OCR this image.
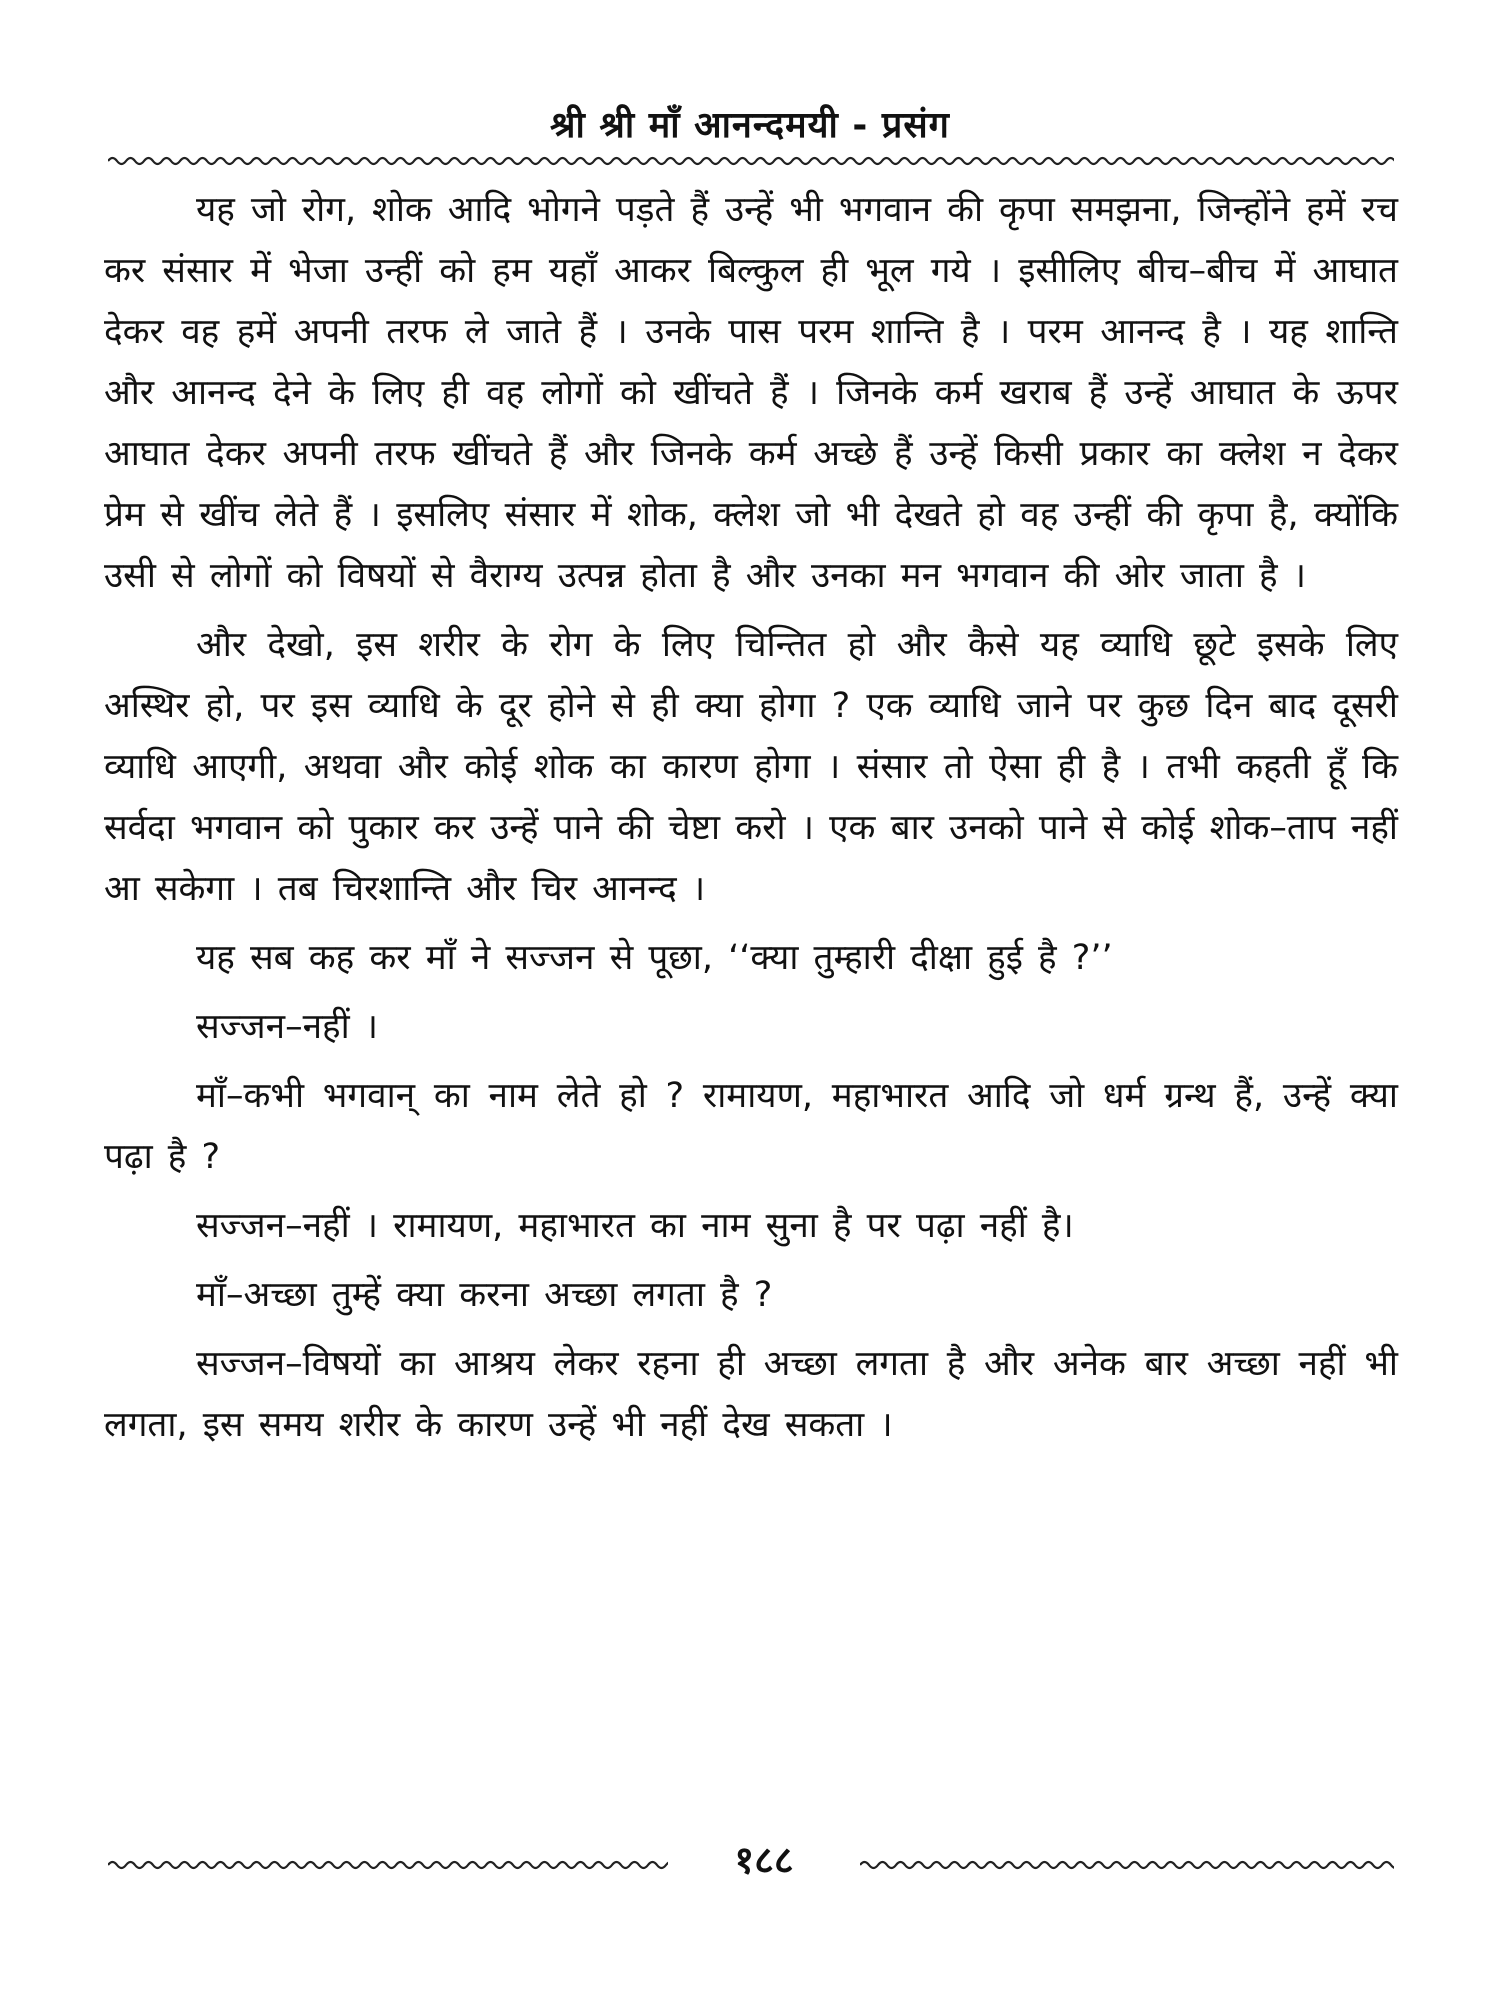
श्री श्री माँ आनन्दमयी - प्रसंग

यह जो रोग, शोक आदि भोगने पड़ते हैं उन्हें भी भगवान की कृपा समझना, जिन्होंने हमें रच कर संसार में भेजा उन्हीं को हम यहाँ आकर बिल्कुल ही भूल गये । इसीलिए बीच–बीच में आघात देकर वह हमें अपनी तरफ ले जाते हैं । उनके पास परम शान्ति है । परम आनन्द है । यह शान्ति और आनन्द देने के लिए ही वह लोगों को खींचते हैं । जिनके कर्म खराब हैं उन्हें आघात के ऊपर आघात देकर अपनी तरफ खींचते हैं और जिनके कर्म अच्छे हैं उन्हें किसी प्रकार का क्लेश न देकर प्रेम से खींच लेते हैं । इसलिए संसार में शोक, क्लेश जो भी देखते हो वह उन्हीं की कृपा है, क्योंकि उसी से लोगों को विषयों से वैराग्य उत्पन्न होता है और उनका मन भगवान की ओर जाता है ।

और देखो, इस शरीर के रोग के लिए चिन्तित हो और कैसे यह व्याधि छूटे इसके लिए अस्थिर हो, पर इस व्याधि के दूर होने से ही क्या होगा ? एक व्याधि जाने पर कुछ दिन बाद दूसरी व्याधि आएगी, अथवा और कोई शोक का कारण होगा । संसार तो ऐसा ही है । तभी कहती हूँ कि सर्वदा भगवान को पुकार कर उन्हें पाने की चेष्टा करो । एक बार उनको पाने से कोई शोक–ताप नहीं आ सकेगा । तब चिरशान्ति और चिर आनन्द ।

यह सब कह कर माँ ने सज्जन से पूछा, ‘‘क्या तुम्हारी दीक्षा हुई है ?’’

सज्जन–नहीं ।

माँ–कभी भगवान् का नाम लेते हो ? रामायण, महाभारत आदि जो धर्म ग्रन्थ हैं, उन्हें क्या पढ़ा है ?

सज्जन–नहीं । रामायण, महाभारत का नाम सुना है पर पढ़ा नहीं है।

माँ–अच्छा तुम्हें क्या करना अच्छा लगता है ?

सज्जन–विषयों का आश्रय लेकर रहना ही अच्छा लगता है और अनेक बार अच्छा नहीं भी लगता, इस समय शरीर के कारण उन्हें भी नहीं देख सकता ।

१८८
